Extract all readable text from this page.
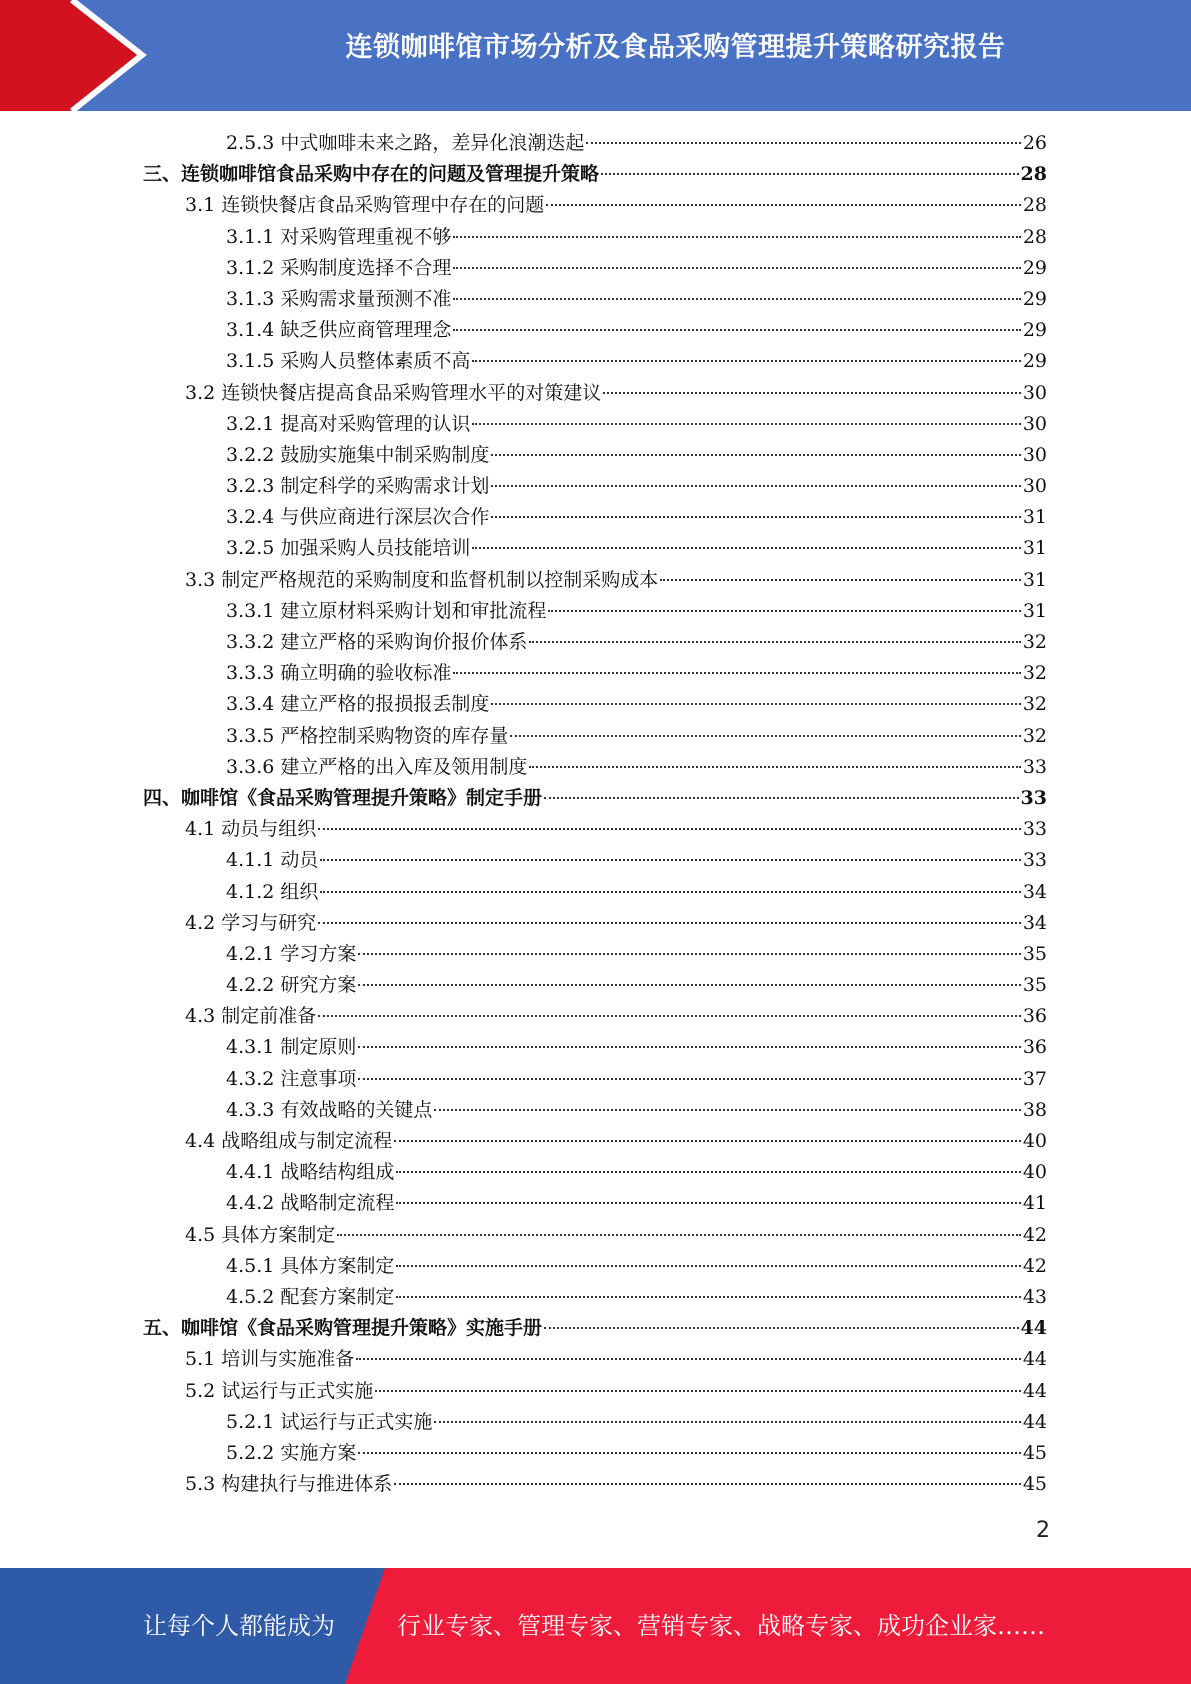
连锁咖啡馆市场分析及食品采购管理提升策略研究报告
2.5.3 中式咖啡未来之路，差异化浪潮迭起	26
三、连锁咖啡馆食品采购中存在的问题及管理提升策略	28
3.1 连锁快餐店食品采购管理中存在的问题	28
3.1.1 对采购管理重视不够	28
3.1.2 采购制度选择不合理	29
3.1.3 采购需求量预测不准	29
3.1.4 缺乏供应商管理理念	29
3.1.5 采购人员整体素质不高	29
3.2 连锁快餐店提高食品采购管理水平的对策建议	30
3.2.1 提高对采购管理的认识	30
3.2.2 鼓励实施集中制采购制度	30
3.2.3 制定科学的采购需求计划	30
3.2.4 与供应商进行深层次合作	31
3.2.5 加强采购人员技能培训	31
3.3 制定严格规范的采购制度和监督机制以控制采购成本	31
3.3.1 建立原材料采购计划和审批流程	31
3.3.2 建立严格的采购询价报价体系	32
3.3.3 确立明确的验收标准	32
3.3.4 建立严格的报损报丢制度	32
3.3.5 严格控制采购物资的库存量	32
3.3.6 建立严格的出入库及领用制度	33
四、咖啡馆《食品采购管理提升策略》制定手册	33
4.1 动员与组织	33
4.1.1 动员	33
4.1.2 组织	34
4.2 学习与研究	34
4.2.1 学习方案	35
4.2.2 研究方案	35
4.3 制定前准备	36
4.3.1 制定原则	36
4.3.2 注意事项	37
4.3.3 有效战略的关键点	38
4.4 战略组成与制定流程	40
4.4.1 战略结构组成	40
4.4.2 战略制定流程	41
4.5 具体方案制定	42
4.5.1 具体方案制定	42
4.5.2 配套方案制定	43
五、咖啡馆《食品采购管理提升策略》实施手册	44
5.1 培训与实施准备	44
5.2 试运行与正式实施	44
5.2.1 试运行与正式实施	44
5.2.2 实施方案	45
5.3 构建执行与推进体系	45
2
让每个人都能成为	行业专家、管理专家、营销专家、战略专家、成功企业家……
